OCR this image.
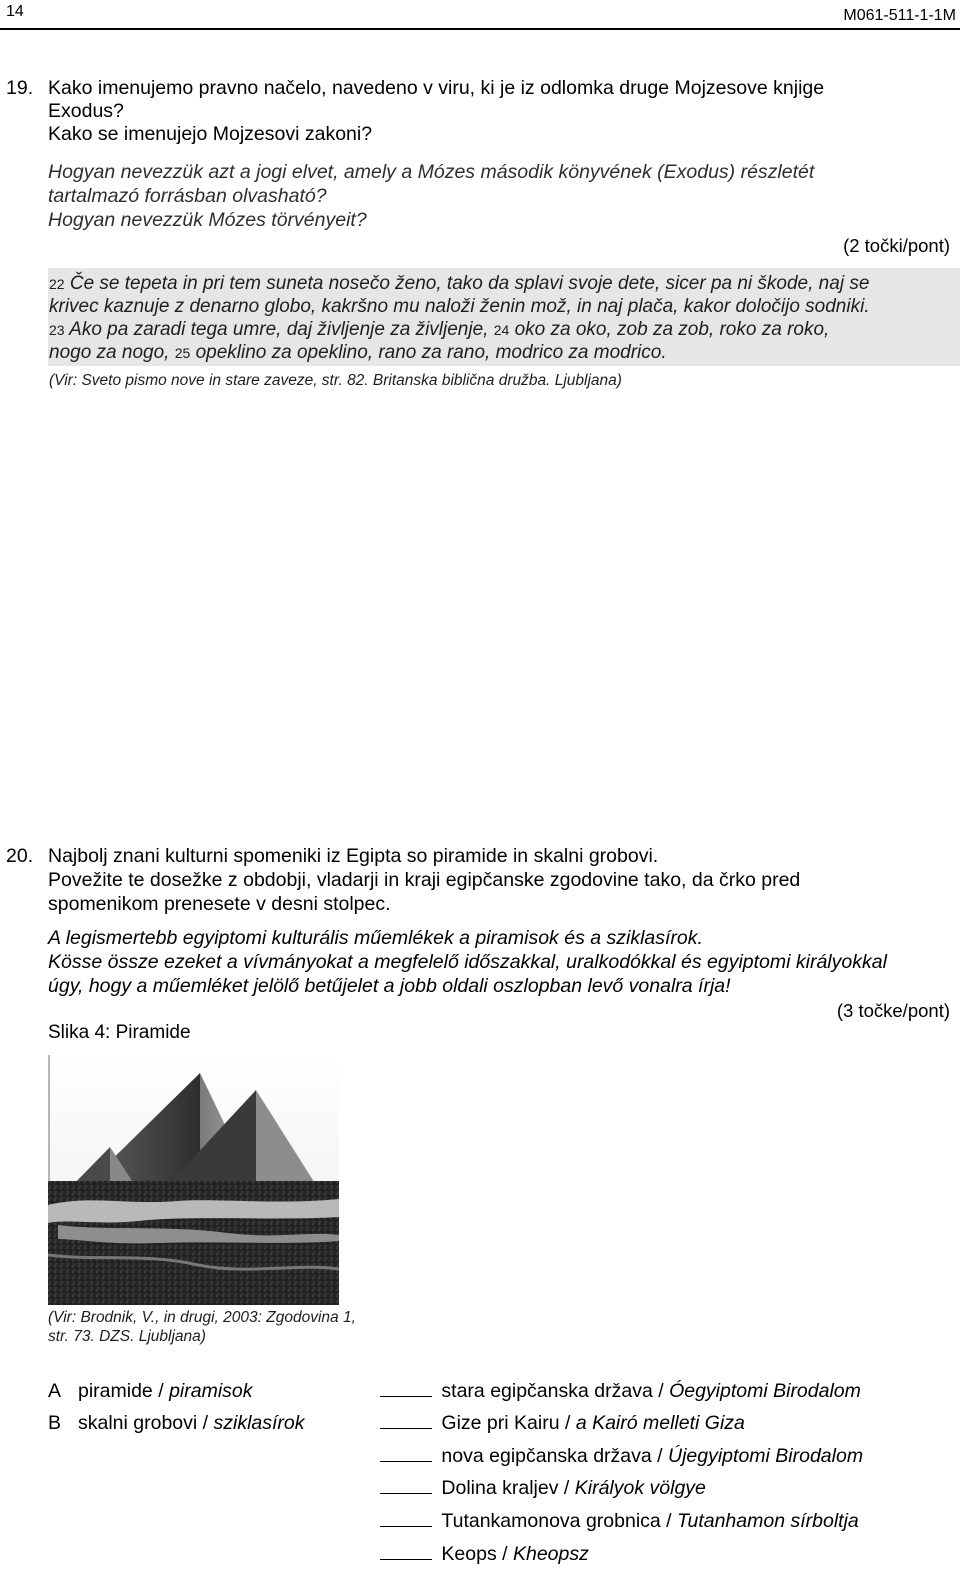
14	M061-511-1-1M
19. Kako imenujemo pravno načelo, navedeno v viru, ki je iz odlomka druge Mojzesove knjige
Exodus?
Kako se imenujejo Mojzesovi zakoni?
Hogyan nevezzük azt a jogi elvet, amely a Mózes második könyvének (Exodus) részletét
tartalmazó forrásban olvasható?
Hogyan nevezzük Mózes törvényeit?
(2 točki/pont)
22 Če se tepeta in pri tem suneta nosečo ženo, tako da splavi svoje dete, sicer pa ni škode, naj se
krivec kaznuje z denarno globo, kakršno mu naloži ženin mož, in naj plača, kakor določijo sodniki.
23 Ako pa zaradi tega umre, daj življenje za življenje, 24 oko za oko, zob za zob, roko za roko,
nogo za nogo, 25 opeklino za opeklino, rano za rano, modrico za modrico.
(Vir: Sveto pismo nove in stare zaveze, str. 82. Britanska biblična družba. Ljubljana)
20. Najbolj znani kulturni spomeniki iz Egipta so piramide in skalni grobovi.
Povežite te dosežke z obdobji, vladarji in kraji egipčanske zgodovine tako, da črko pred
spomenikom prenesete v desni stolpec.
A legismertebb egyiptomi kulturális műemlékek a piramisok és a sziklasírok.
Kösse össze ezeket a vívmányokat a megfelelő időszakkal, uralkodókkal és egyiptomi királyokkal
úgy, hogy a műemléket jelölő betűjelet a jobb oldali oszlopban levő vonalra írja!
(3 točke/pont)
Slika 4: Piramide
(Vir: Brodnik, V., in drugi, 2003: Zgodovina 1,
str. 73. DZS. Ljubljana)
A piramide / piramisok
B skalni grobovi / sziklasírok
stara egipčanska država / Óegyiptomi Birodalom
Gize pri Kairu / a Kairó melleti Giza
nova egipčanska država / Újegyiptomi Birodalom
Dolina kraljev / Királyok völgye
Tutankamonova grobnica / Tutanhamon sírboltja
Keops / Kheopsz
